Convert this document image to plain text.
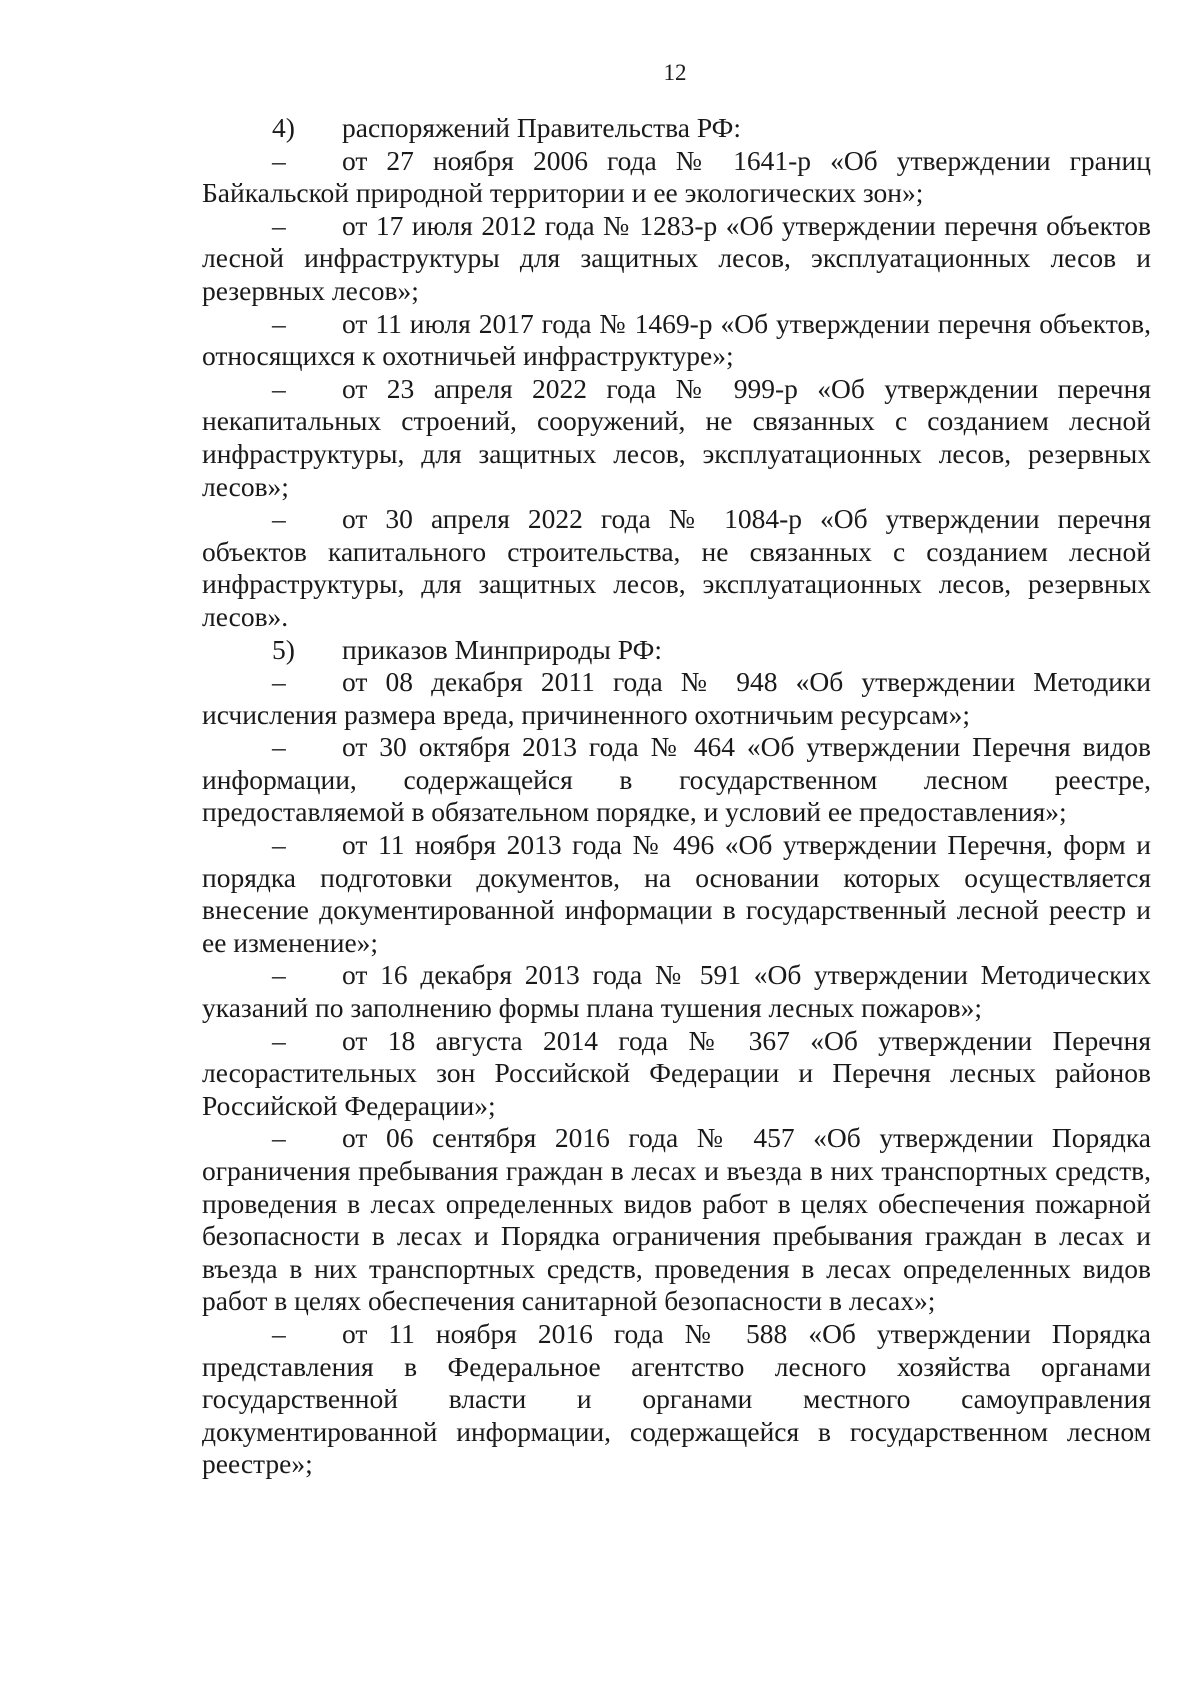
12

4) распоряжений Правительства РФ:

– от 27 ноября 2006 года № 1641-р «Об утверждении границ Байкальской природной территории и ее экологических зон»;

– от 17 июля 2012 года № 1283-р «Об утверждении перечня объектов лесной инфраструктуры для защитных лесов, эксплуатационных лесов и резервных лесов»;

– от 11 июля 2017 года № 1469-р «Об утверждении перечня объектов, относящихся к охотничьей инфраструктуре»;

– от 23 апреля 2022 года № 999-р «Об утверждении перечня некапитальных строений, сооружений, не связанных с созданием лесной инфраструктуры, для защитных лесов, эксплуатационных лесов, резервных лесов»;

– от 30 апреля 2022 года № 1084-р «Об утверждении перечня объектов капитального строительства, не связанных с созданием лесной инфраструктуры, для защитных лесов, эксплуатационных лесов, резервных лесов».

5) приказов Минприроды РФ:

– от 08 декабря 2011 года № 948 «Об утверждении Методики исчисления размера вреда, причиненного охотничьим ресурсам»;

– от 30 октября 2013 года № 464 «Об утверждении Перечня видов информации, содержащейся в государственном лесном реестре, предоставляемой в обязательном порядке, и условий ее предоставления»;

– от 11 ноября 2013 года № 496 «Об утверждении Перечня, форм и порядка подготовки документов, на основании которых осуществляется внесение документированной информации в государственный лесной реестр и ее изменение»;

– от 16 декабря 2013 года № 591 «Об утверждении Методических указаний по заполнению формы плана тушения лесных пожаров»;

– от 18 августа 2014 года № 367 «Об утверждении Перечня лесорастительных зон Российской Федерации и Перечня лесных районов Российской Федерации»;

– от 06 сентября 2016 года № 457 «Об утверждении Порядка ограничения пребывания граждан в лесах и въезда в них транспортных средств, проведения в лесах определенных видов работ в целях обеспечения пожарной безопасности в лесах и Порядка ограничения пребывания граждан в лесах и въезда в них транспортных средств, проведения в лесах определенных видов работ в целях обеспечения санитарной безопасности в лесах»;

– от 11 ноября 2016 года № 588 «Об утверждении Порядка представления в Федеральное агентство лесного хозяйства органами государственной власти и органами местного самоуправления документированной информации, содержащейся в государственном лесном реестре»;
